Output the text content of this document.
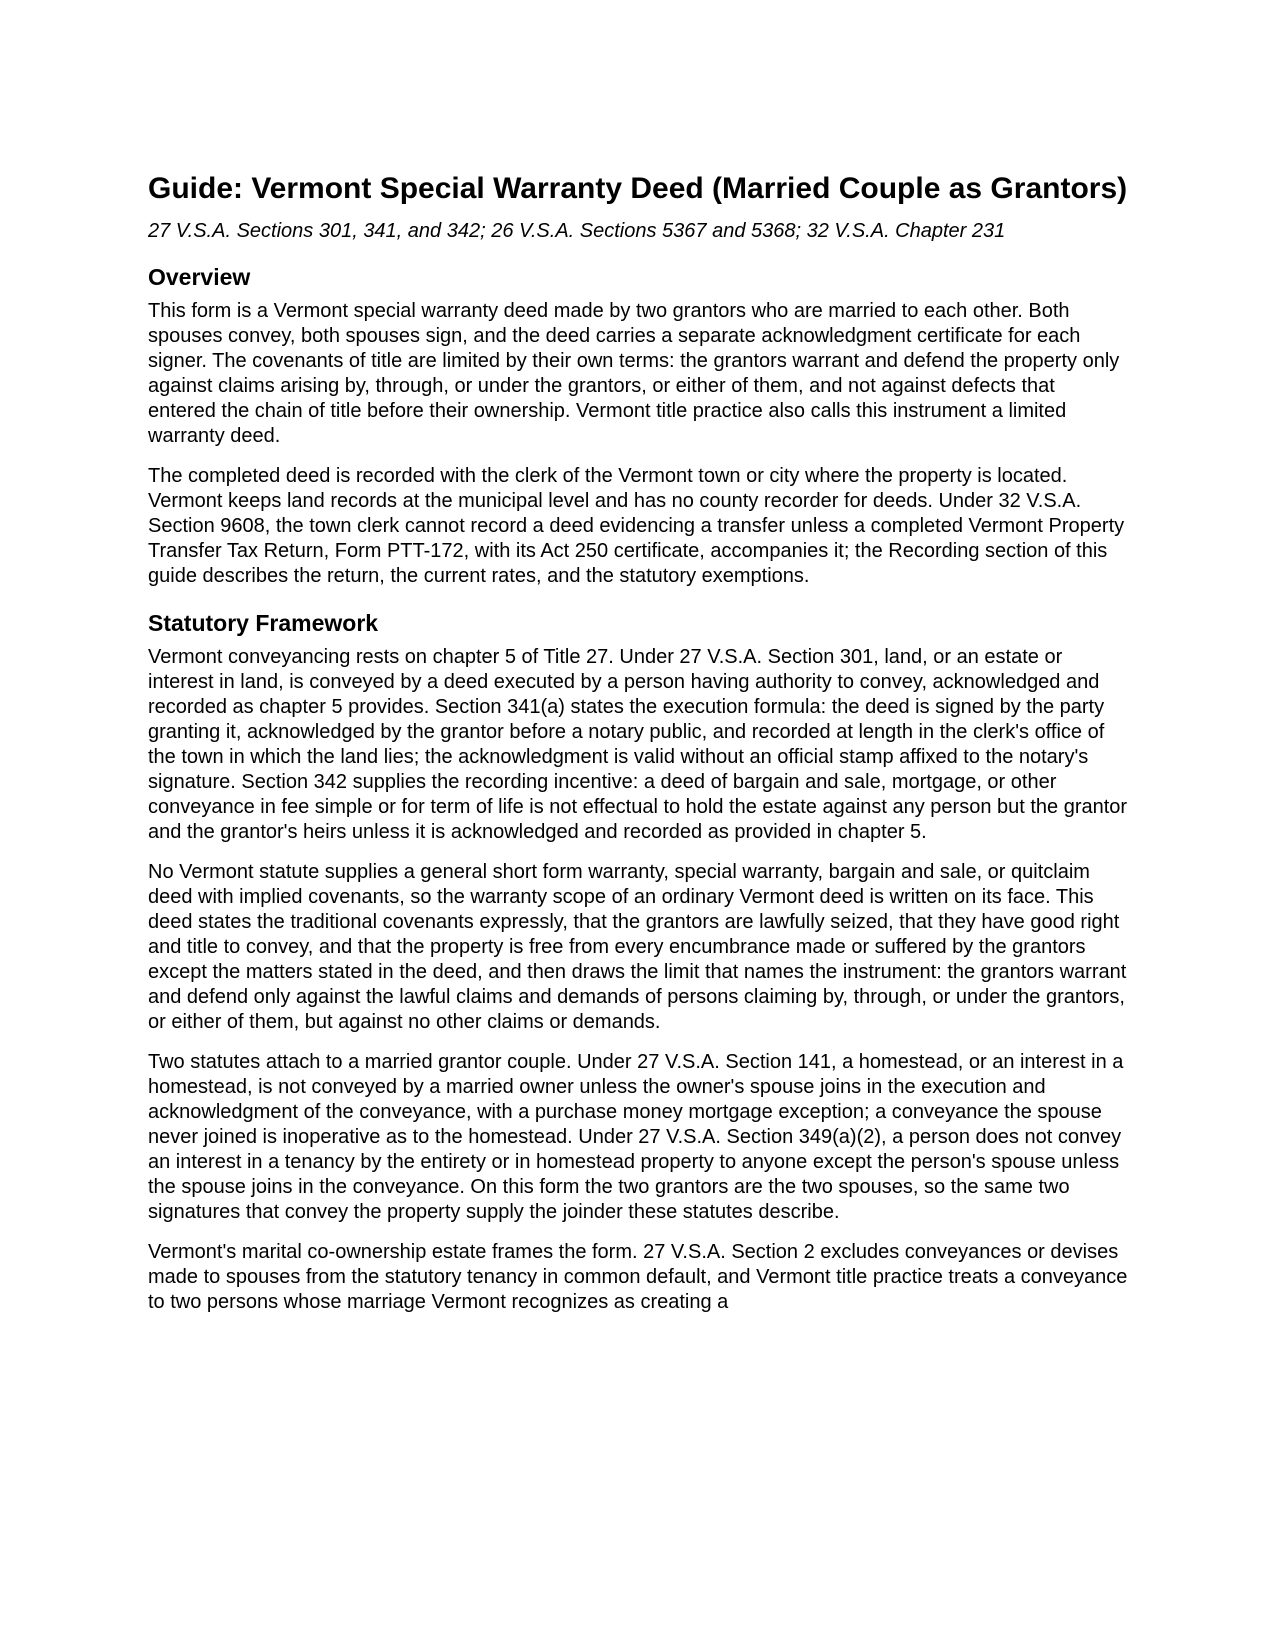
Guide: Vermont Special Warranty Deed (Married Couple as Grantors)
27 V.S.A. Sections 301, 341, and 342; 26 V.S.A. Sections 5367 and 5368; 32 V.S.A. Chapter 231
Overview

This form is a Vermont special warranty deed made by two grantors who are married to each other. Both spouses convey, both spouses sign, and the deed carries a separate acknowledgment certificate for each signer. The covenants of title are limited by their own terms: the grantors warrant and defend the property only against claims arising by, through, or under the grantors, or either of them, and not against defects that entered the chain of title before their ownership. Vermont title practice also calls this instrument a limited warranty deed.

The completed deed is recorded with the clerk of the Vermont town or city where the property is located. Vermont keeps land records at the municipal level and has no county recorder for deeds. Under 32 V.S.A. Section 9608, the town clerk cannot record a deed evidencing a transfer unless a completed Vermont Property Transfer Tax Return, Form PTT-172, with its Act 250 certificate, accompanies it; the Recording section of this guide describes the return, the current rates, and the statutory exemptions.

Statutory Framework

Vermont conveyancing rests on chapter 5 of Title 27. Under 27 V.S.A. Section 301, land, or an estate or interest in land, is conveyed by a deed executed by a person having authority to convey, acknowledged and recorded as chapter 5 provides. Section 341(a) states the execution formula: the deed is signed by the party granting it, acknowledged by the grantor before a notary public, and recorded at length in the clerk's office of the town in which the land lies; the acknowledgment is valid without an official stamp affixed to the notary's signature. Section 342 supplies the recording incentive: a deed of bargain and sale, mortgage, or other conveyance in fee simple or for term of life is not effectual to hold the estate against any person but the grantor and the grantor's heirs unless it is acknowledged and recorded as provided in chapter 5.

No Vermont statute supplies a general short form warranty, special warranty, bargain and sale, or quitclaim deed with implied covenants, so the warranty scope of an ordinary Vermont deed is written on its face. This deed states the traditional covenants expressly, that the grantors are lawfully seized, that they have good right and title to convey, and that the property is free from every encumbrance made or suffered by the grantors except the matters stated in the deed, and then draws the limit that names the instrument: the grantors warrant and defend only against the lawful claims and demands of persons claiming by, through, or under the grantors, or either of them, but against no other claims or demands.

Two statutes attach to a married grantor couple. Under 27 V.S.A. Section 141, a homestead, or an interest in a homestead, is not conveyed by a married owner unless the owner's spouse joins in the execution and acknowledgment of the conveyance, with a purchase money mortgage exception; a conveyance the spouse never joined is inoperative as to the homestead. Under 27 V.S.A. Section 349(a)(2), a person does not convey an interest in a tenancy by the entirety or in homestead property to anyone except the person's spouse unless the spouse joins in the conveyance. On this form the two grantors are the two spouses, so the same two signatures that convey the property supply the joinder these statutes describe.

Vermont's marital co-ownership estate frames the form. 27 V.S.A. Section 2 excludes conveyances or devises made to spouses from the statutory tenancy in common default, and Vermont title practice treats a conveyance to two persons whose marriage Vermont recognizes as creating a
